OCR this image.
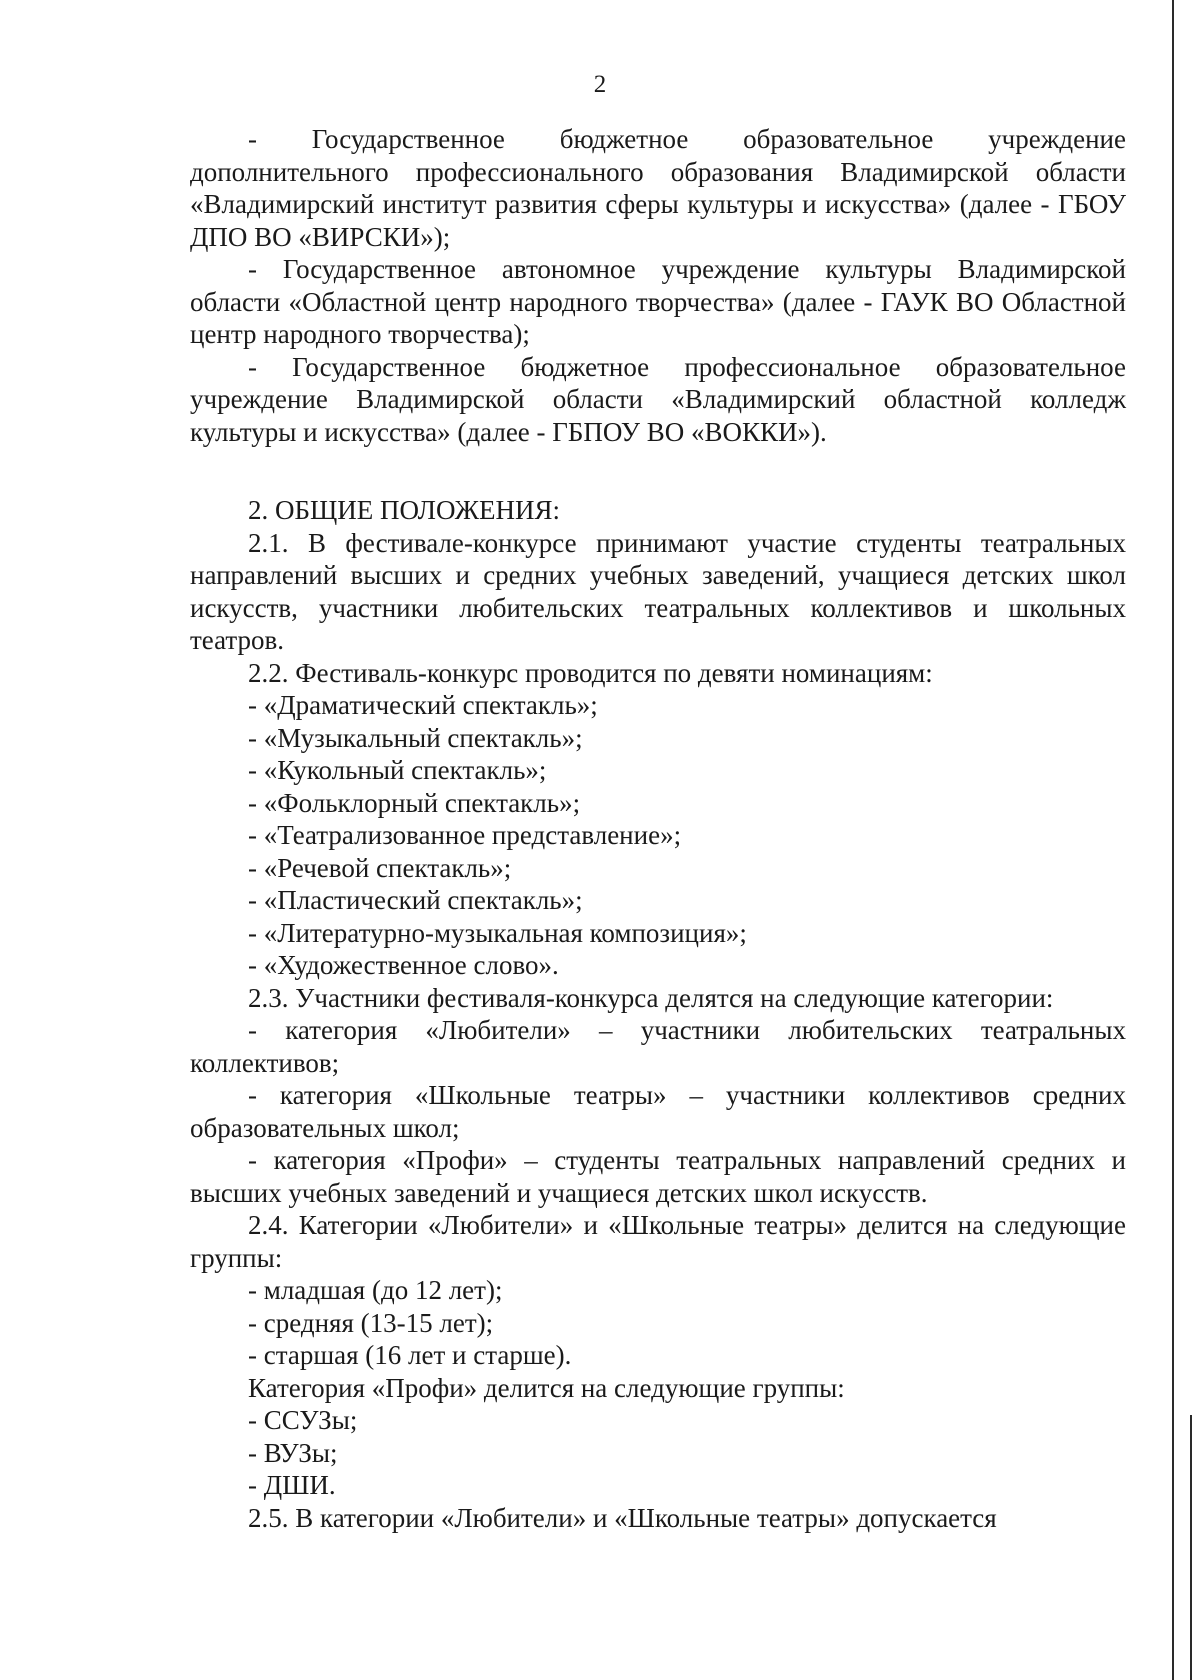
2

- Государственное бюджетное образовательное учреждение дополнительного профессионального образования Владимирской области «Владимирский институт развития сферы культуры и искусства» (далее - ГБОУ ДПО ВО «ВИРСКИ»);

- Государственное автономное учреждение культуры Владимирской области «Областной центр народного творчества» (далее - ГАУК ВО Областной центр народного творчества);

- Государственное бюджетное профессиональное образовательное учреждение Владимирской области «Владимирский областной колледж культуры и искусства» (далее - ГБПОУ ВО «ВОККИ»).

2. ОБЩИЕ ПОЛОЖЕНИЯ:

2.1. В фестивале-конкурсе принимают участие студенты театральных направлений высших и средних учебных заведений, учащиеся детских школ искусств, участники любительских театральных коллективов и школьных театров.

2.2. Фестиваль-конкурс проводится по девяти номинациям:

- «Драматический спектакль»;

- «Музыкальный спектакль»;

- «Кукольный спектакль»;

- «Фольклорный спектакль»;

- «Театрализованное представление»;

- «Речевой спектакль»;

- «Пластический спектакль»;

- «Литературно-музыкальная композиция»;

- «Художественное слово».

2.3. Участники фестиваля-конкурса делятся на следующие категории:

- категория «Любители» – участники любительских театральных коллективов;

- категория «Школьные театры» – участники коллективов средних образовательных школ;

- категория «Профи» – студенты театральных направлений средних и высших учебных заведений и учащиеся детских школ искусств.

2.4. Категории «Любители» и «Школьные театры» делится на следующие группы:

- младшая (до 12 лет);

- средняя (13-15 лет);

- старшая (16 лет и старше).

Категория «Профи» делится на следующие группы:

- ССУЗы;

- ВУЗы;

- ДШИ.

2.5. В категории «Любители» и «Школьные театры» допускается
